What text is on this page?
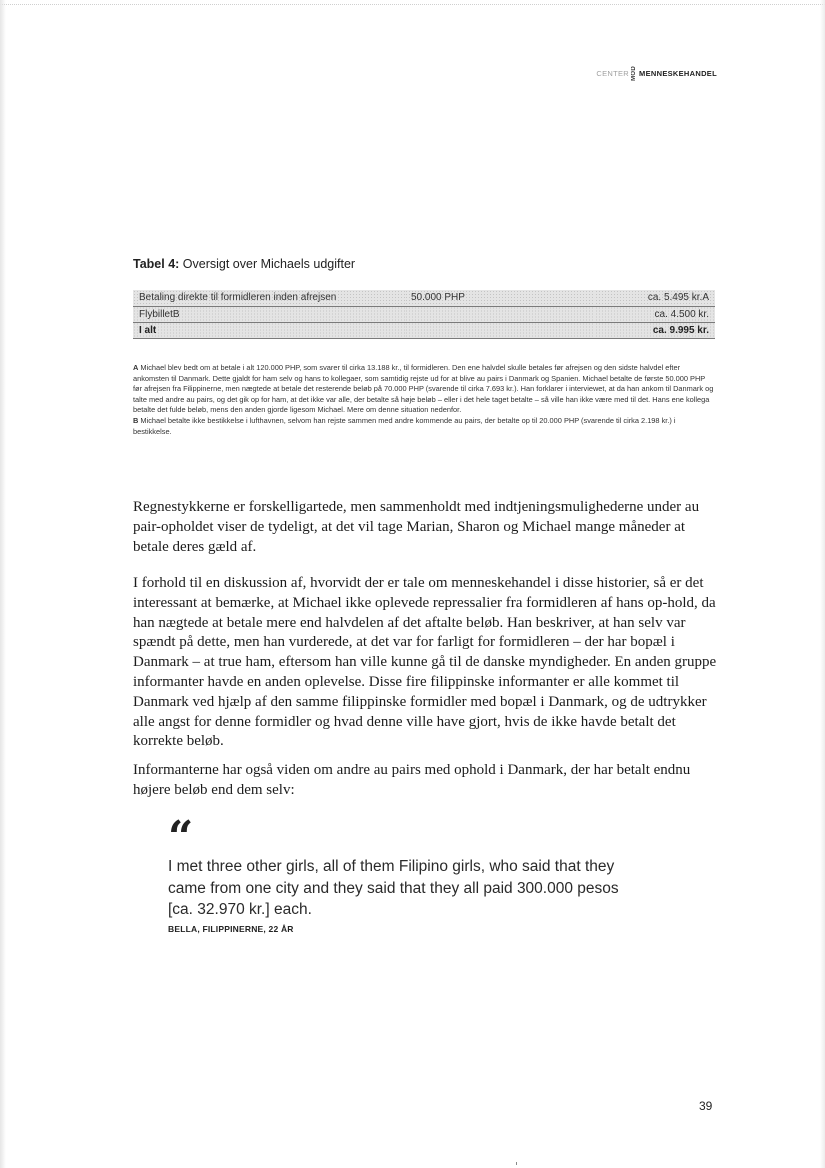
CENTER MOD MENNESKEHANDEL
Tabel 4: Oversigt over Michaels udgifter
Betaling direkte til formidleren inden afrejsen	50.000 PHP	ca. 5.495 kr.A
FlybilletB		ca. 4.500 kr.
I alt		ca. 9.995 kr.

A Michael blev bedt om at betale i alt 120.000 PHP, som svarer til cirka 13.188 kr., til formidleren. Den ene halvdel skulle betales før afrejsen og den sidste halvdel efter ankomsten til Danmark. Dette gjaldt for ham selv og hans to kollegaer, som samtidig rejste ud for at blive au pairs i Danmark og Spanien. Michael betalte de første 50.000 PHP før afrejsen fra Filippinerne, men nægtede at betale det resterende beløb på 70.000 PHP (svarende til cirka 7.693 kr.). Han forklarer i interviewet, at da han ankom til Danmark og talte med andre au pairs, og det gik op for ham, at det ikke var alle, der betalte så høje beløb – eller i det hele taget betalte – så ville han ikke være med til det. Hans ene kollega betalte det fulde beløb, mens den anden gjorde ligesom Michael. Mere om denne situation nedenfor.

B Michael betalte ikke bestikkelse i lufthavnen, selvom han rejste sammen med andre kommende au pairs, der betalte op til 20.000 PHP (svarende til cirka 2.198 kr.) i bestikkelse.

Regnestykkerne er forskelligartede, men sammenholdt med indtjeningsmulighederne under au pair-opholdet viser de tydeligt, at det vil tage Marian, Sharon og Michael mange måneder at betale deres gæld af.

I forhold til en diskussion af, hvorvidt der er tale om menneskehandel i disse historier, så er det interessant at bemærke, at Michael ikke oplevede repressalier fra formidleren af hans op-hold, da han nægtede at betale mere end halvdelen af det aftalte beløb. Han beskriver, at han selv var spændt på dette, men han vurderede, at det var for farligt for formidleren – der har bopæl i Danmark – at true ham, eftersom han ville kunne gå til de danske myndigheder. En anden gruppe informanter havde en anden oplevelse. Disse fire filippinske informanter er alle kommet til Danmark ved hjælp af den samme filippinske formidler med bopæl i Danmark, og de udtrykker alle angst for denne formidler og hvad denne ville have gjort, hvis de ikke havde betalt det korrekte beløb.

Informanterne har også viden om andre au pairs med ophold i Danmark, der har betalt endnu højere beløb end dem selv:

“

I met three other girls, all of them Filipino girls, who said that they came from one city and they said that they all paid 300.000 pesos [ca. 32.970 kr.] each.

BELLA, FILIPPINERNE, 22 ÅR
39
